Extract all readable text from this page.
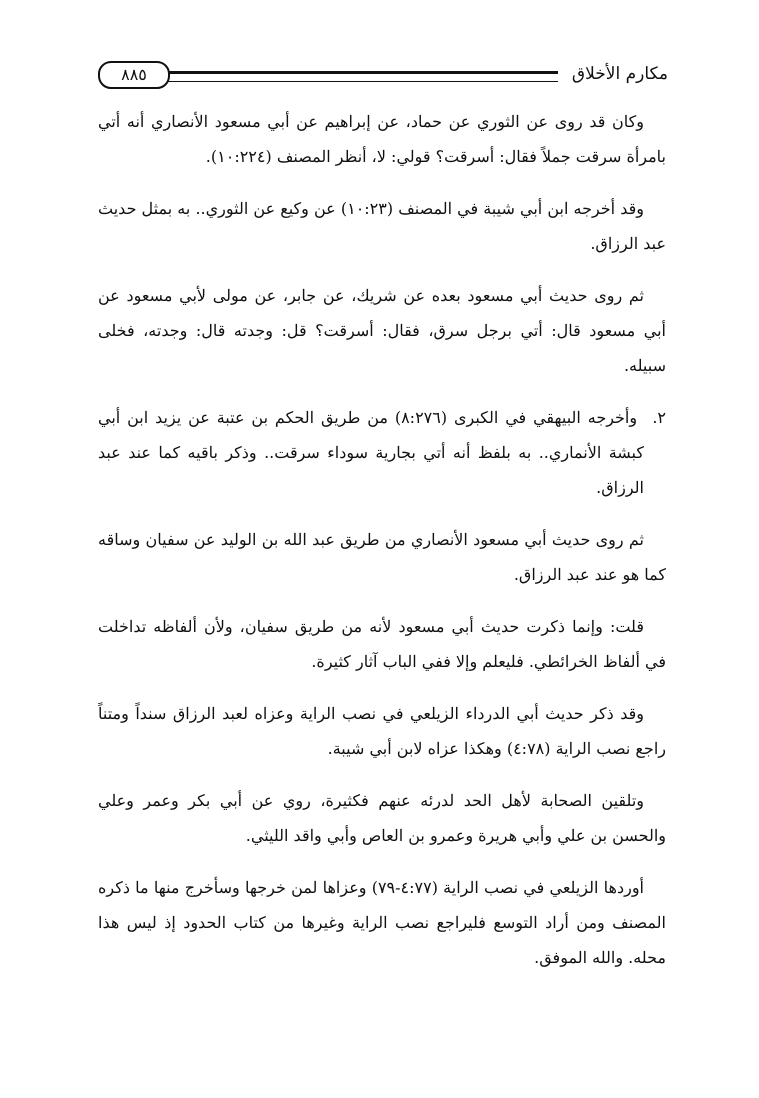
مكارم الأخلاق
٨٨٥

وكان قد روى عن الثوري عن حماد، عن إبراهيم عن أبي مسعود الأنصاري أنه أتي بامرأة سرقت جملاً فقال: أسرقت؟ قولي: لا، أنظر المصنف (١٠:٢٢٤).

وقد أخرجه ابن أبي شيبة في المصنف (١٠:٢٣) عن وكيع عن الثوري.. به بمثل حديث عبد الرزاق.

ثم روى حديث أبي مسعود بعده عن شريك، عن جابر، عن مولى لأبي مسعود عن أبي مسعود قال: أتي برجل سرق، فقال: أسرقت؟ قل: وجدته قال: وجدته، فخلى سبيله.

٢. وأخرجه البيهقي في الكبرى (٨:٢٧٦) من طريق الحكم بن عتبة عن يزيد ابن أبي كبشة الأنماري.. به بلفظ أنه أتي بجارية سوداء سرقت.. وذكر باقيه كما عند عبد الرزاق.

ثم روى حديث أبي مسعود الأنصاري من طريق عبد الله بن الوليد عن سفيان وساقه كما هو عند عبد الرزاق.

قلت: وإنما ذكرت حديث أبي مسعود لأنه من طريق سفيان، ولأن ألفاظه تداخلت في ألفاظ الخرائطي. فليعلم وإلا ففي الباب آثار كثيرة.

وقد ذكر حديث أبي الدرداء الزيلعي في نصب الراية وعزاه لعبد الرزاق سنداً ومتناً راجع نصب الراية (٤:٧٨) وهكذا عزاه لابن أبي شيبة.

وتلقين الصحابة لأهل الحد لدرئه عنهم فكثيرة، روي عن أبي بكر وعمر وعلي والحسن بن علي وأبي هريرة وعمرو بن العاص وأبي واقد الليثي.

أوردها الزيلعي في نصب الراية (٤:٧٧-٧٩) وعزاها لمن خرجها وسأخرج منها ما ذكره المصنف ومن أراد التوسع فليراجع نصب الراية وغيرها من كتاب الحدود إذ ليس هذا محله. والله الموفق.
